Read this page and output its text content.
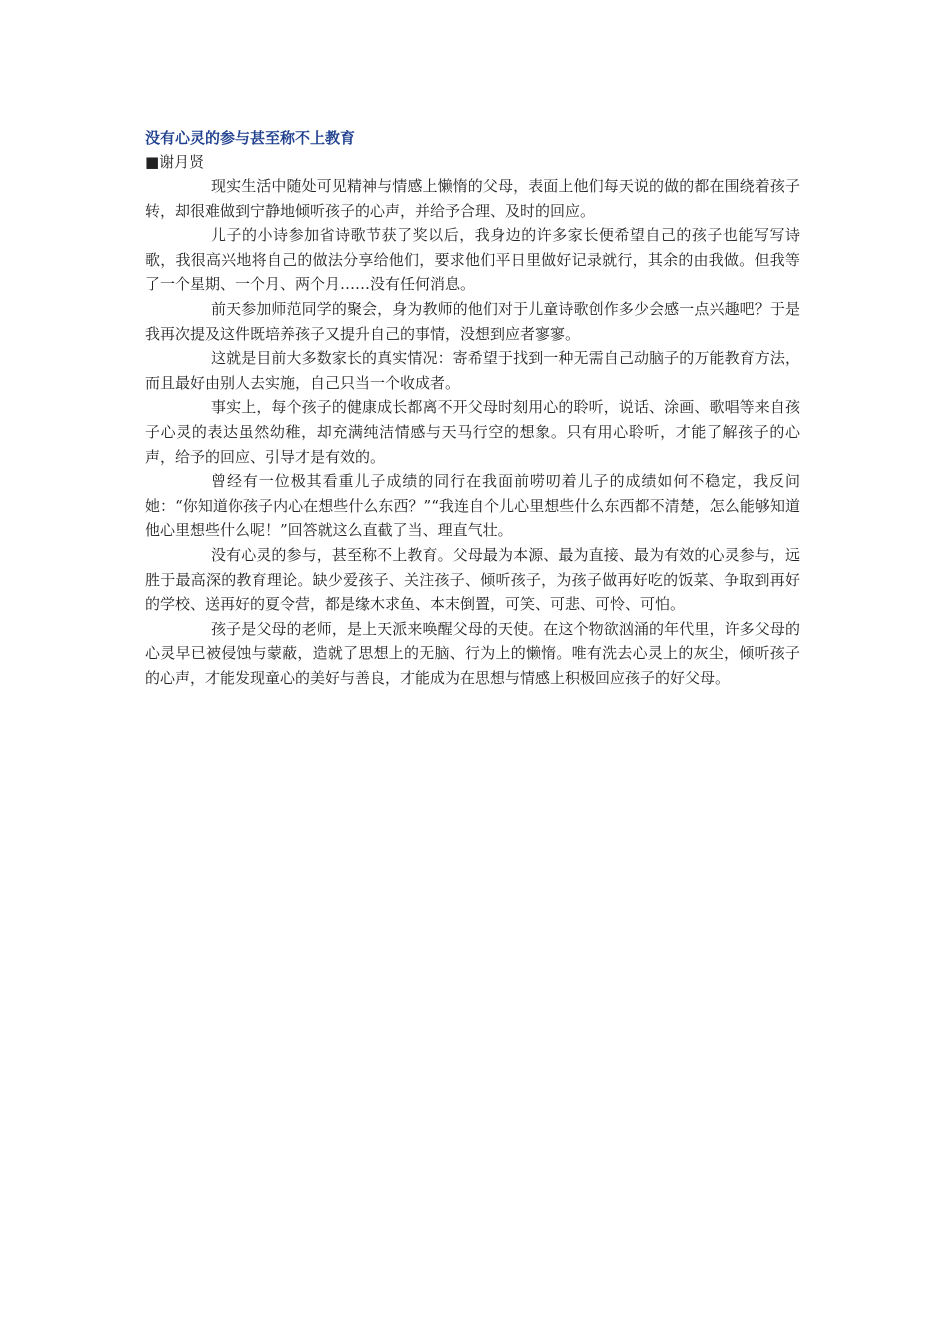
没有心灵的参与甚至称不上教育

■谢月贤

现实生活中随处可见精神与情感上懒惰的父母，表面上他们每天说的做的都在围绕着孩子转，却很难做到宁静地倾听孩子的心声，并给予合理、及时的回应。

儿子的小诗参加省诗歌节获了奖以后，我身边的许多家长便希望自己的孩子也能写写诗歌，我很高兴地将自己的做法分享给他们，要求他们平日里做好记录就行，其余的由我做。但我等了一个星期、一个月、两个月……没有任何消息。

前天参加师范同学的聚会，身为教师的他们对于儿童诗歌创作多少会感一点兴趣吧？于是我再次提及这件既培养孩子又提升自己的事情，没想到应者寥寥。

这就是目前大多数家长的真实情况：寄希望于找到一种无需自己动脑子的万能教育方法，而且最好由别人去实施，自己只当一个收成者。

事实上，每个孩子的健康成长都离不开父母时刻用心的聆听，说话、涂画、歌唱等来自孩子心灵的表达虽然幼稚，却充满纯洁情感与天马行空的想象。只有用心聆听，才能了解孩子的心声，给予的回应、引导才是有效的。

曾经有一位极其看重儿子成绩的同行在我面前唠叨着儿子的成绩如何不稳定，我反问她：“你知道你孩子内心在想些什么东西？”“我连自个儿心里想些什么东西都不清楚，怎么能够知道他心里想些什么呢！”回答就这么直截了当、理直气壮。

没有心灵的参与，甚至称不上教育。父母最为本源、最为直接、最为有效的心灵参与，远胜于最高深的教育理论。缺少爱孩子、关注孩子、倾听孩子，为孩子做再好吃的饭菜、争取到再好的学校、送再好的夏令营，都是缘木求鱼、本末倒置，可笑、可悲、可怜、可怕。

孩子是父母的老师，是上天派来唤醒父母的天使。在这个物欲汹涌的年代里，许多父母的心灵早已被侵蚀与蒙蔽，造就了思想上的无脑、行为上的懒惰。唯有洗去心灵上的灰尘，倾听孩子的心声，才能发现童心的美好与善良，才能成为在思想与情感上积极回应孩子的好父母。
